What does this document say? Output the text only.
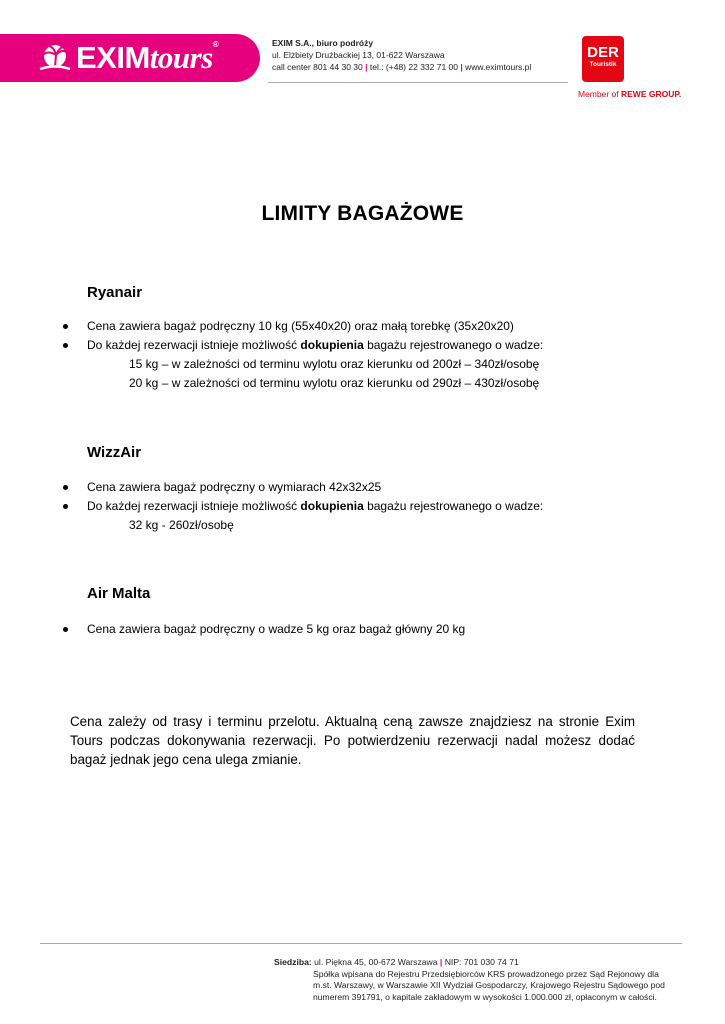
EXIMtours®	EXIM S.A., biuro podróży
ul. Elżbiety Drużbackiej 13, 01-622 Warszawa
call center 801 44 30 30 | tel.: (+48) 22 332 71 00 | www.eximtours.pl
DER
Touristik
Member of REWE GROUP.
LIMITY BAGAŻOWE
Ryanair
Cena zawiera bagaż podręczny 10 kg (55x40x20) oraz małą torebkę (35x20x20)
Do każdej rezerwacji istnieje możliwość dokupienia bagażu rejestrowanego o wadze:
15 kg – w zależności od terminu wylotu oraz kierunku od 200zł – 340zł/osobę
20 kg – w zależności od terminu wylotu oraz kierunku od 290zł – 430zł/osobę
WizzAir
Cena zawiera bagaż podręczny o wymiarach 42x32x25
Do każdej rezerwacji istnieje możliwość dokupienia bagażu rejestrowanego o wadze:
32 kg - 260zł/osobę
Air Malta
Cena zawiera bagaż podręczny o wadze 5 kg oraz bagaż główny 20 kg
Cena zależy od trasy i terminu przelotu. Aktualną ceną zawsze znajdziesz na stronie Exim Tours podczas dokonywania rezerwacji. Po potwierdzeniu rezerwacji nadal możesz dodać bagaż jednak jego cena ulega zmianie.
Siedziba: ul. Piękna 45, 00-672 Warszawa | NIP: 701 030 74 71
Spółka wpisana do Rejestru Przedsiębiorców KRS prowadzonego przez Sąd Rejonowy dla
m.st. Warszawy, w Warszawie XII Wydział Gospodarczy, Krajowego Rejestru Sądowego pod
numerem 391791, o kapitale zakładowym w wysokości 1.000.000 zł, opłaconym w całości.
